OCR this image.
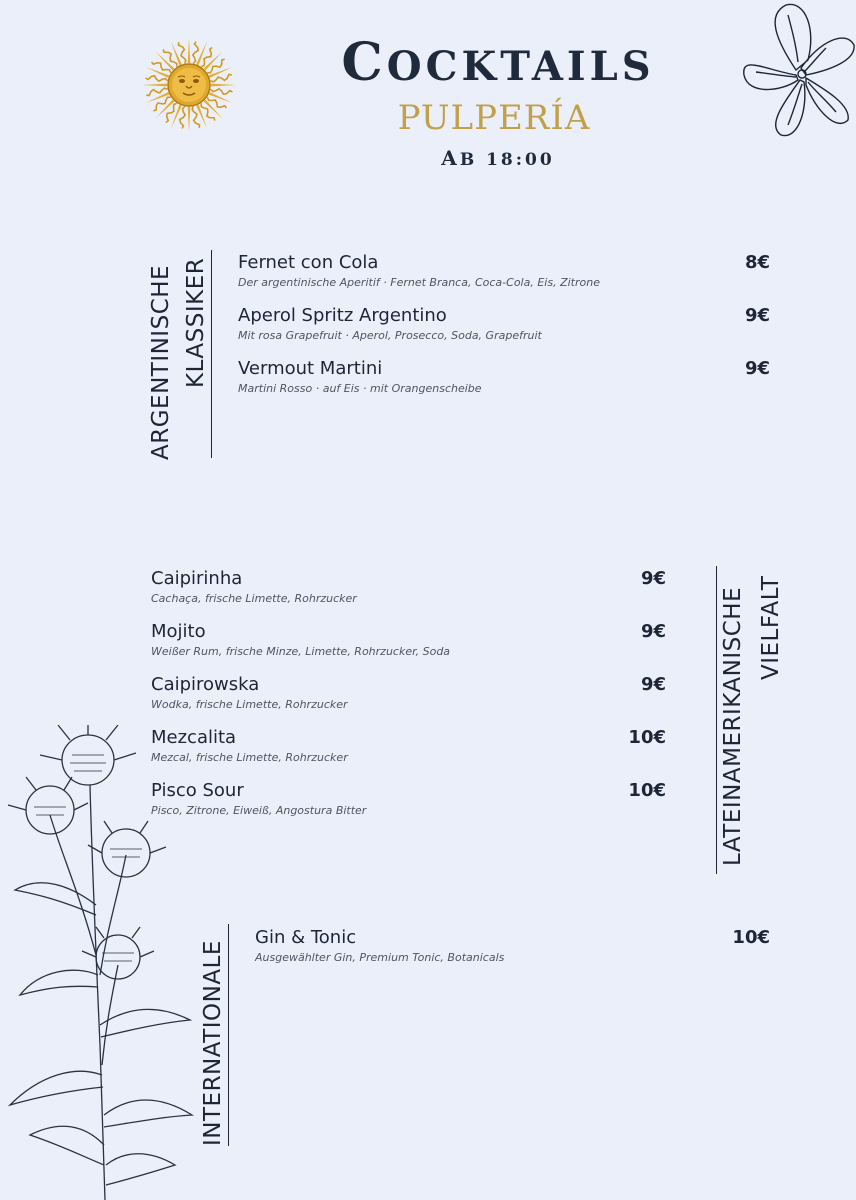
COCKTAILS
PULPERÍA
AB 18:00
ARGENTINISCHE KLASSIKER Fernet con Cola
Der argentinische Aperitif · Fernet Branca, Coca-Cola, Eis, Zitrone
8€
Aperol Spritz Argentino
Mit rosa Grapefruit · Aperol, Prosecco, Soda, Grapefruit
9€
Vermout Martini
Martini Rosso · auf Eis · mit Orangenscheibe
9€
LATEINAMERIKANISCHE VIELFALT
Caipirinha
Cachaça, frische Limette, Rohrzucker
9€
Mojito
Weißer Rum, frische Minze, Limette, Rohrzucker, Soda
9€
Caipirowska
Wodka, frische Limette, Rohrzucker
9€
Mezcalita
Mezcal, frische Limette, Rohrzucker
10€
Pisco Sour
Pisco, Zitrone, Eiweiß, Angostura Bitter
10€
INTERNATIONALE
Gin & Tonic
Ausgewählter Gin, Premium Tonic, Botanicals
10€
